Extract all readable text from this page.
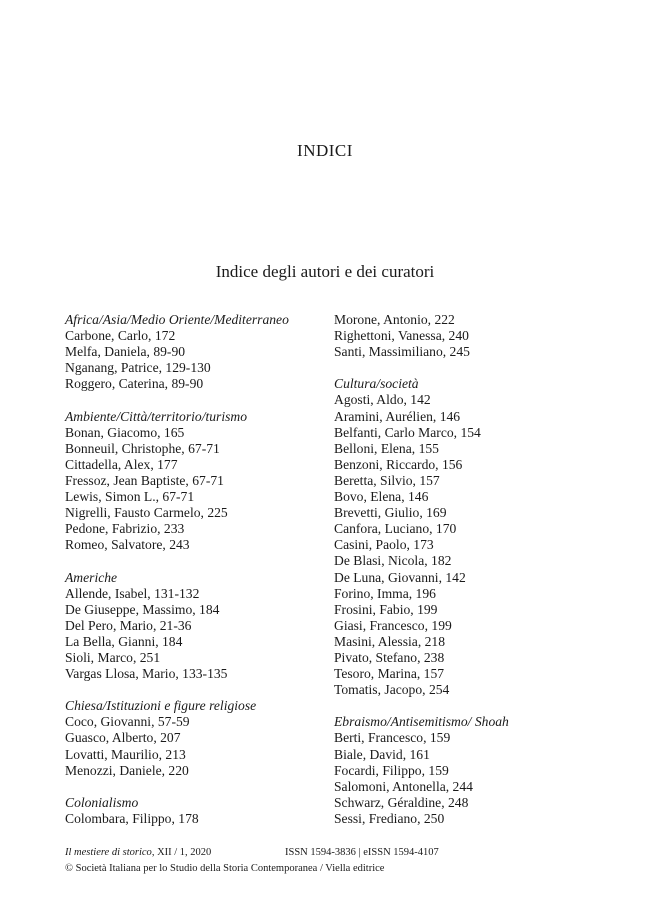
INDICI
Indice degli autori e dei curatori
Africa/Asia/Medio Oriente/Mediterraneo
Carbone, Carlo, 172
Melfa, Daniela, 89-90
Nganang, Patrice, 129-130
Roggero, Caterina, 89-90
Ambiente/Città/territorio/turismo
Bonan, Giacomo, 165
Bonneuil, Christophe, 67-71
Cittadella, Alex, 177
Fressoz, Jean Baptiste, 67-71
Lewis, Simon L., 67-71
Nigrelli, Fausto Carmelo, 225
Pedone, Fabrizio, 233
Romeo, Salvatore, 243
Americhe
Allende, Isabel, 131-132
De Giuseppe, Massimo, 184
Del Pero, Mario, 21-36
La Bella, Gianni, 184
Sioli, Marco, 251
Vargas Llosa, Mario, 133-135
Chiesa/Istituzioni e figure religiose
Coco, Giovanni, 57-59
Guasco, Alberto, 207
Lovatti, Maurilio, 213
Menozzi, Daniele, 220
Colonialismo
Colombara, Filippo, 178
Morone, Antonio, 222
Righettoni, Vanessa, 240
Santi, Massimiliano, 245
Cultura/società
Agosti, Aldo, 142
Aramini, Aurélien, 146
Belfanti, Carlo Marco, 154
Belloni, Elena, 155
Benzoni, Riccardo, 156
Beretta, Silvio, 157
Bovo, Elena, 146
Brevetti, Giulio, 169
Canfora, Luciano, 170
Casini, Paolo, 173
De Blasi, Nicola, 182
De Luna, Giovanni, 142
Forino, Imma, 196
Frosini, Fabio, 199
Giasi, Francesco, 199
Masini, Alessia, 218
Pivato, Stefano, 238
Tesoro, Marina, 157
Tomatis, Jacopo, 254
Ebraismo/Antisemitismo/ Shoah
Berti, Francesco, 159
Biale, David, 161
Focardi, Filippo, 159
Salomoni, Antonella, 244
Schwarz, Géraldine, 248
Sessi, Frediano, 250
Il mestiere di storico, XII / 1, 2020	ISSN 1594-3836 | eISSN 1594-4107
© Società Italiana per lo Studio della Storia Contemporanea / Viella editrice
